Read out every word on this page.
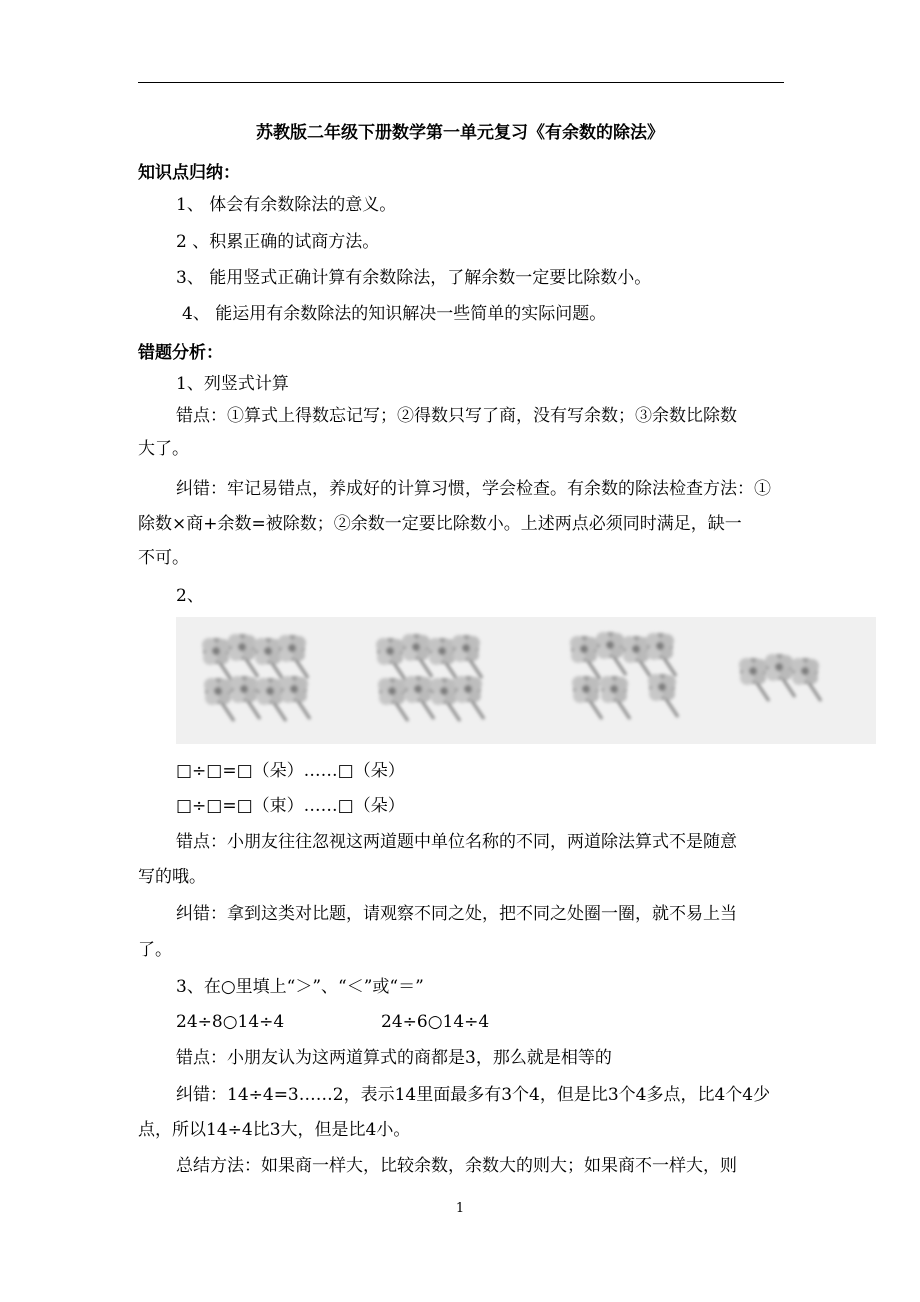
苏教版二年级下册数学第一单元复习《有余数的除法》
知识点归纳：
1、 体会有余数除法的意义。
2 、积累正确的试商方法。
3、 能用竖式正确计算有余数除法，了解余数一定要比除数小。
4、 能运用有余数除法的知识解决一些简单的实际问题。
错题分析：
1、列竖式计算
错点：①算式上得数忘记写；②得数只写了商，没有写余数；③余数比除数
大了。
纠错：牢记易错点，养成好的计算习惯，学会检查。有余数的除法检查方法：①
除数×商+余数=被除数；②余数一定要比除数小。上述两点必须同时满足，缺一
不可。
2、
□÷□=□（朵）……□（朵）
□÷□=□（束）……□（朵）
错点：小朋友往往忽视这两道题中单位名称的不同，两道除法算式不是随意
写的哦。
纠错：拿到这类对比题，请观察不同之处，把不同之处圈一圈，就不易上当
了。
3、在○里填上“＞”、“＜”或“＝”
24÷8○14÷4	24÷6○14÷4
错点：小朋友认为这两道算式的商都是3，那么就是相等的
纠错：14÷4=3……2，表示14里面最多有3个4，但是比3个4多点，比4个4少
点，所以14÷4比3大，但是比4小。
总结方法：如果商一样大，比较余数，余数大的则大；如果商不一样大，则
1
